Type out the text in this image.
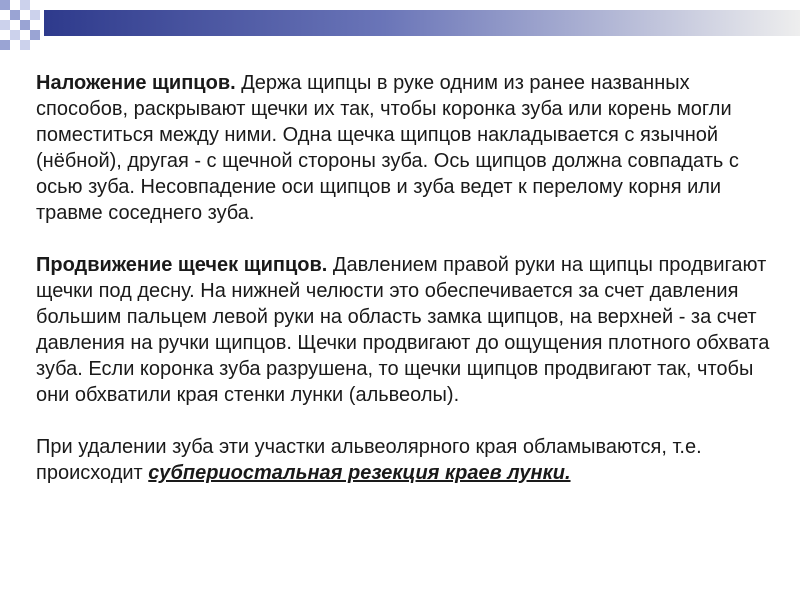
Наложение щипцов. Держа щипцы в руке одним из ранее названных способов, раскрывают щечки их так, чтобы коронка зуба или корень могли поместиться между ними. Одна щечка щипцов накладывается с язычной (нёбной), другая - с щечной стороны зуба. Ось щипцов должна совпадать с осью зуба. Несовпадение оси щипцов и зуба ведет к перелому корня или травме соседнего зуба.

Продвижение щечек щипцов. Давлением правой руки на щипцы продвигают щечки под десну. На нижней челюсти это обеспечивается за счет давления большим пальцем левой руки на область замка щипцов, на верхней - за счет давления на ручки щипцов. Щечки продвигают до ощущения плотного обхвата зуба. Если коронка зуба разрушена, то щечки щипцов продвигают так, чтобы они обхватили края стенки лунки (альвеолы).

При удалении зуба эти участки альвеолярного края обламываются, т.е. происходит субпериостальная резекция краев лунки.
